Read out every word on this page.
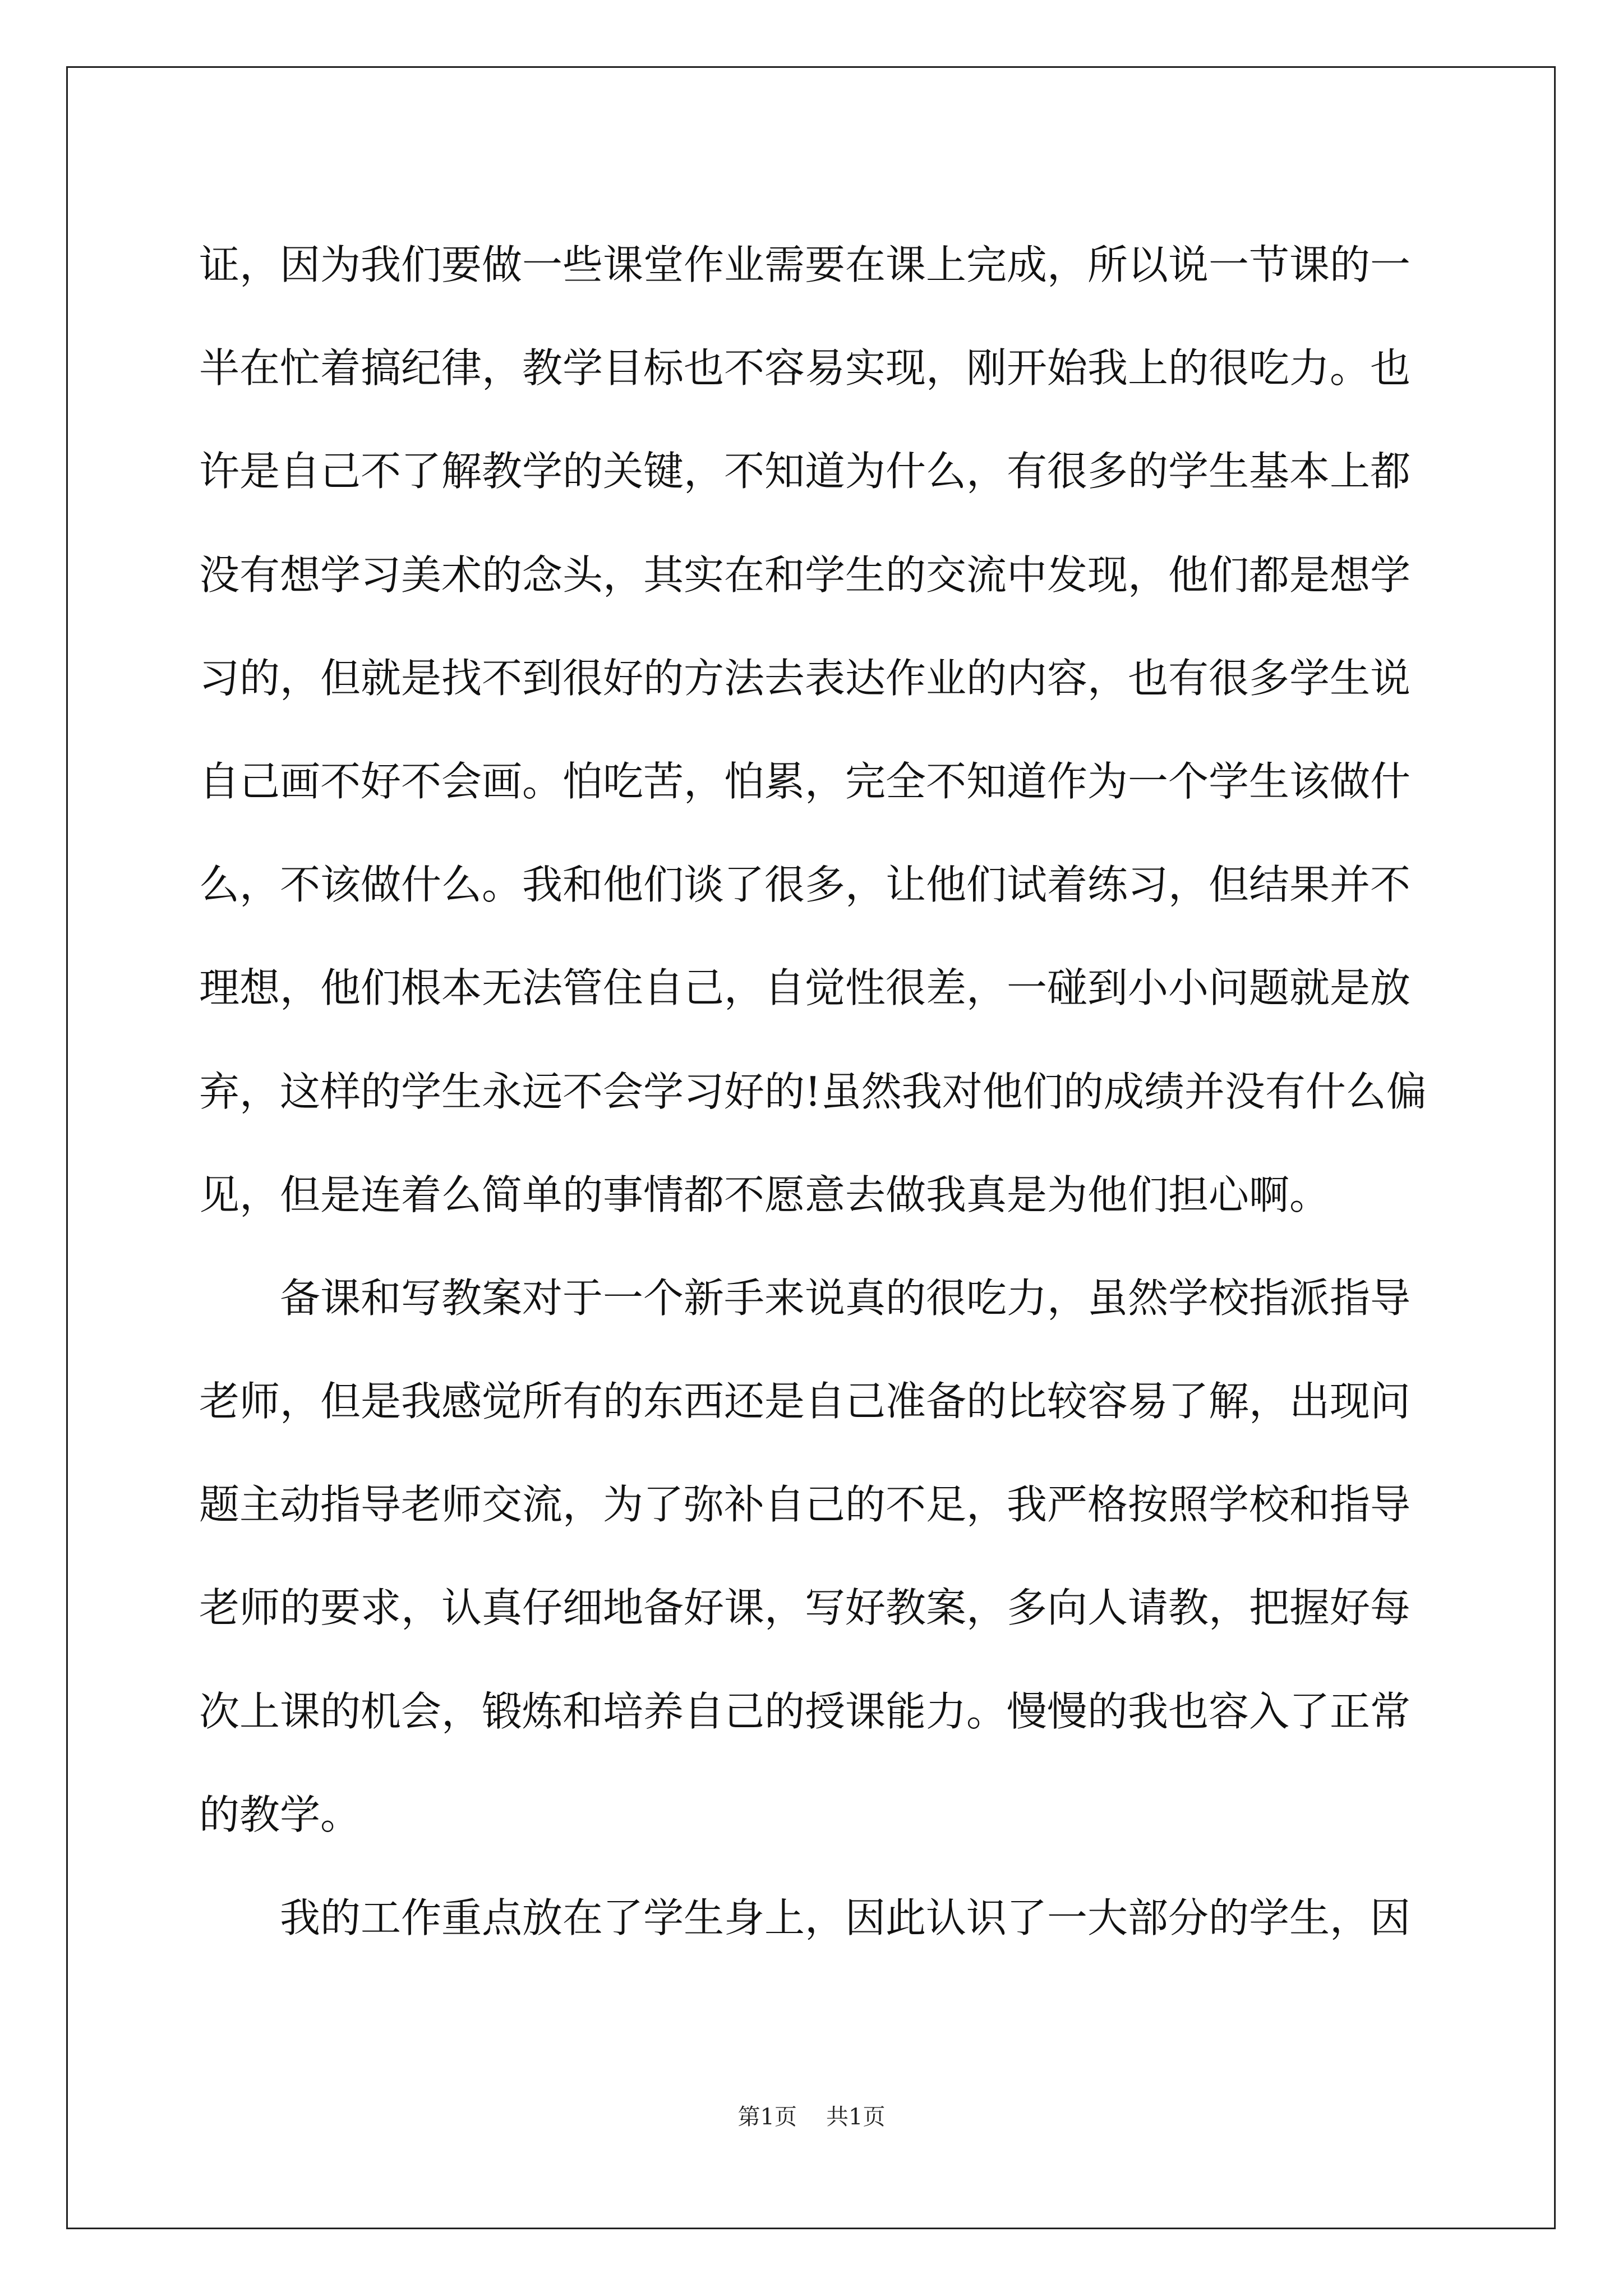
证，因为我们要做一些课堂作业需要在课上完成，所以说一节课的一
半在忙着搞纪律，教学目标也不容易实现，刚开始我上的很吃力。也
许是自己不了解教学的关键，不知道为什么，有很多的学生基本上都
没有想学习美术的念头，其实在和学生的交流中发现，他们都是想学
习的，但就是找不到很好的方法去表达作业的内容，也有很多学生说
自己画不好不会画。怕吃苦，怕累，完全不知道作为一个学生该做什
么，不该做什么。我和他们谈了很多，让他们试着练习，但结果并不
理想，他们根本无法管住自己，自觉性很差，一碰到小小问题就是放
弃，这样的学生永远不会学习好的!虽然我对他们的成绩并没有什么偏
见，但是连着么简单的事情都不愿意去做我真是为他们担心啊。
备课和写教案对于一个新手来说真的很吃力，虽然学校指派指导
老师，但是我感觉所有的东西还是自己准备的比较容易了解，出现问
题主动指导老师交流，为了弥补自己的不足，我严格按照学校和指导
老师的要求，认真仔细地备好课，写好教案，多向人请教，把握好每
次上课的机会，锻炼和培养自己的授课能力。慢慢的我也容入了正常
的教学。
我的工作重点放在了学生身上，因此认识了一大部分的学生，因
第1页 共1页
